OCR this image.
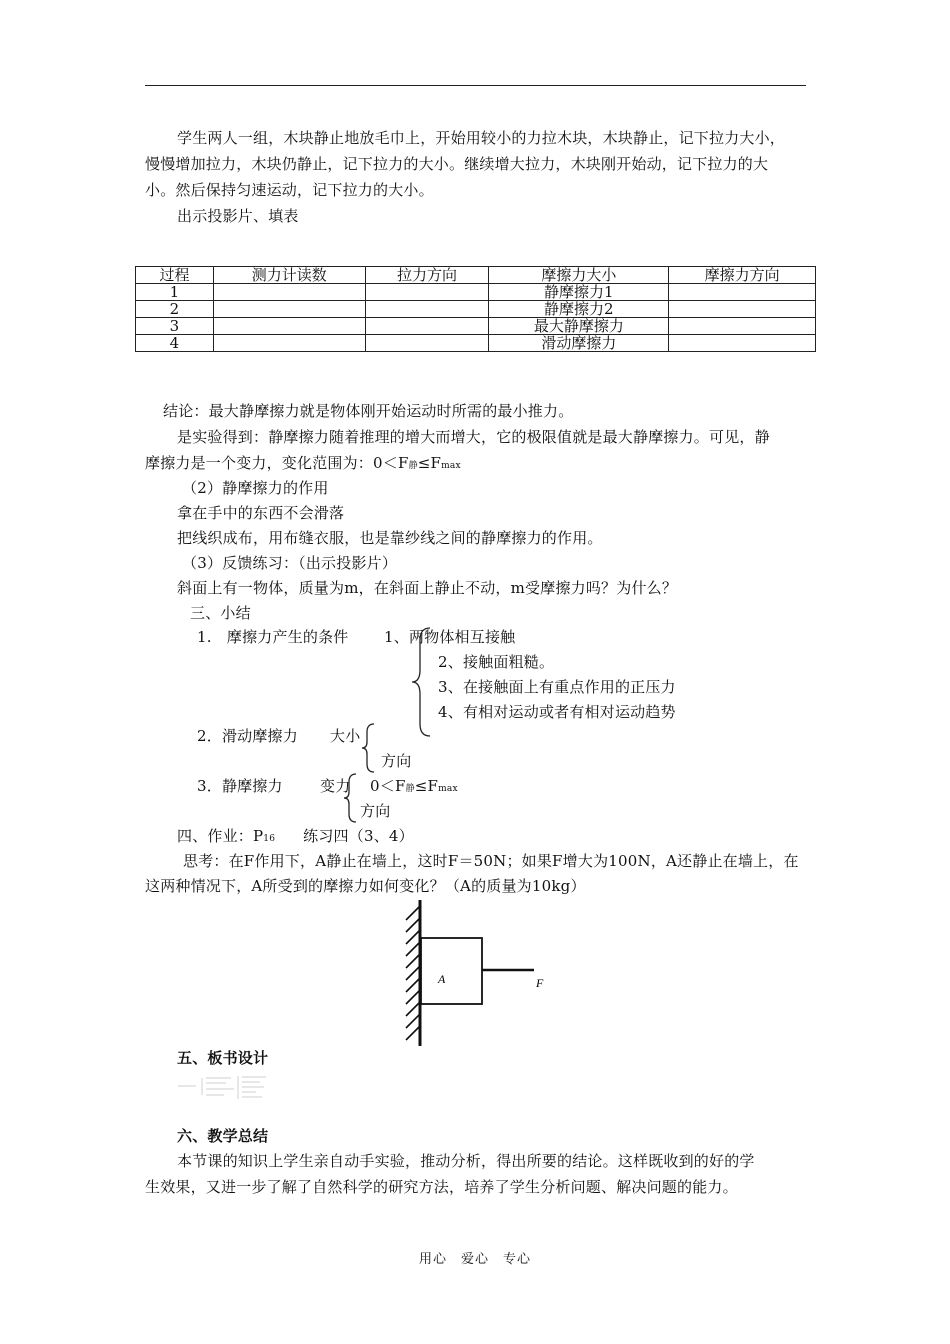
学生两人一组，木块静止地放毛巾上，开始用较小的力拉木块，木块静止，记下拉力大小，
慢慢增加拉力，木块仍静止，记下拉力的大小。继续增大拉力，木块刚开始动，记下拉力的大
小。然后保持匀速运动，记下拉力的大小。
出示投影片、填表
过程	测力计读数	拉力方向	摩擦力大小	摩擦力方向
1			静摩擦力1	
2			静摩擦力2	
3			最大静摩擦力	
4			滑动摩擦力	
结论：最大静摩擦力就是物体刚开始运动时所需的最小推力。
是实验得到：静摩擦力随着推理的增大而增大，它的极限值就是最大静摩擦力。可见，静
摩擦力是一个变力，变化范围为：0＜F静≤Fmax
（2）静摩擦力的作用
拿在手中的东西不会滑落
把线织成布，用布缝衣服，也是靠纱线之间的静摩擦力的作用。
（3）反馈练习：（出示投影片）
斜面上有一物体，质量为m，在斜面上静止不动，m受摩擦力吗？为什么？
三、小结
1.　摩擦力产生的条件 1、两物体相互接触
2、接触面粗糙。
3、在接触面上有重点作用的正压力
4、有相对运动或者有相对运动趋势
2．滑动摩擦力 大小
方向
3．静摩擦力 变力 0＜F静≤Fmax
方向
四、作业：P16 练习四（3、4）
思考：在F作用下，A静止在墙上，这时F＝50N；如果F增大为100N，A还静止在墙上，在
这两种情况下，A所受到的摩擦力如何变化？（A的质量为10kg）
A	F
五、板书设计
六、教学总结
本节课的知识上学生亲自动手实验，推动分析，得出所要的结论。这样既收到的好的学
生效果，又进一步了解了自然科学的研究方法，培养了学生分析问题、解决问题的能力。
用心　爱心　专心
